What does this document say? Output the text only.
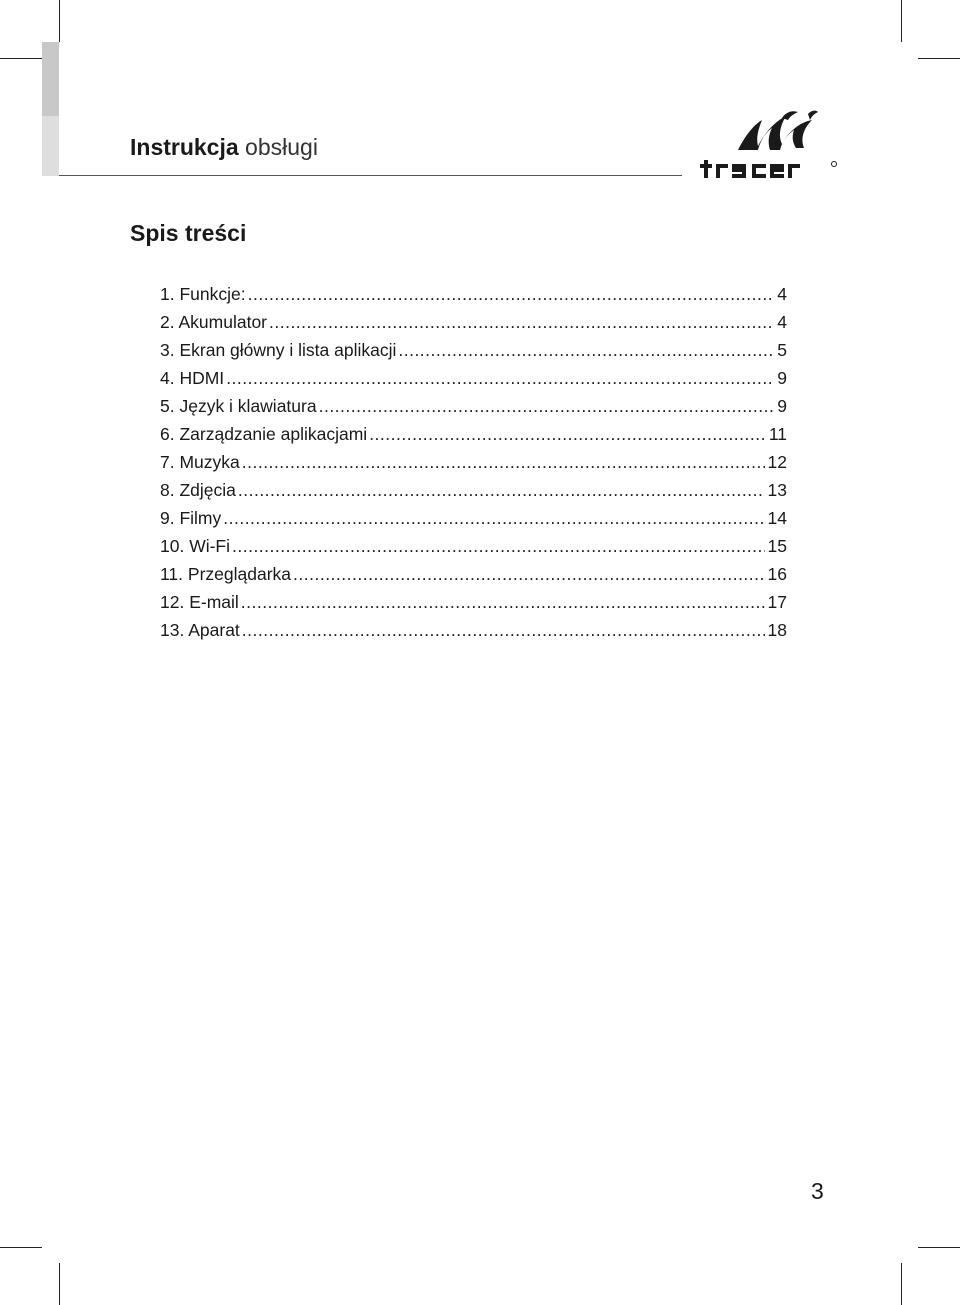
Instrukcja obsługi
Spis treści
1. Funkcje: .....	4
2. Akumulator .....	4
3. Ekran główny i lista aplikacji .....	5
4. HDMI .....	9
5. Język i klawiatura .....	9
6. Zarządzanie aplikacjami .....	11
7. Muzyka .....	12
8. Zdjęcia .....	13
9. Filmy .....	14
10. Wi-Fi .....	15
11. Przeglądarka .....	16
12. E-mail .....	17
13. Aparat .....	18
3
